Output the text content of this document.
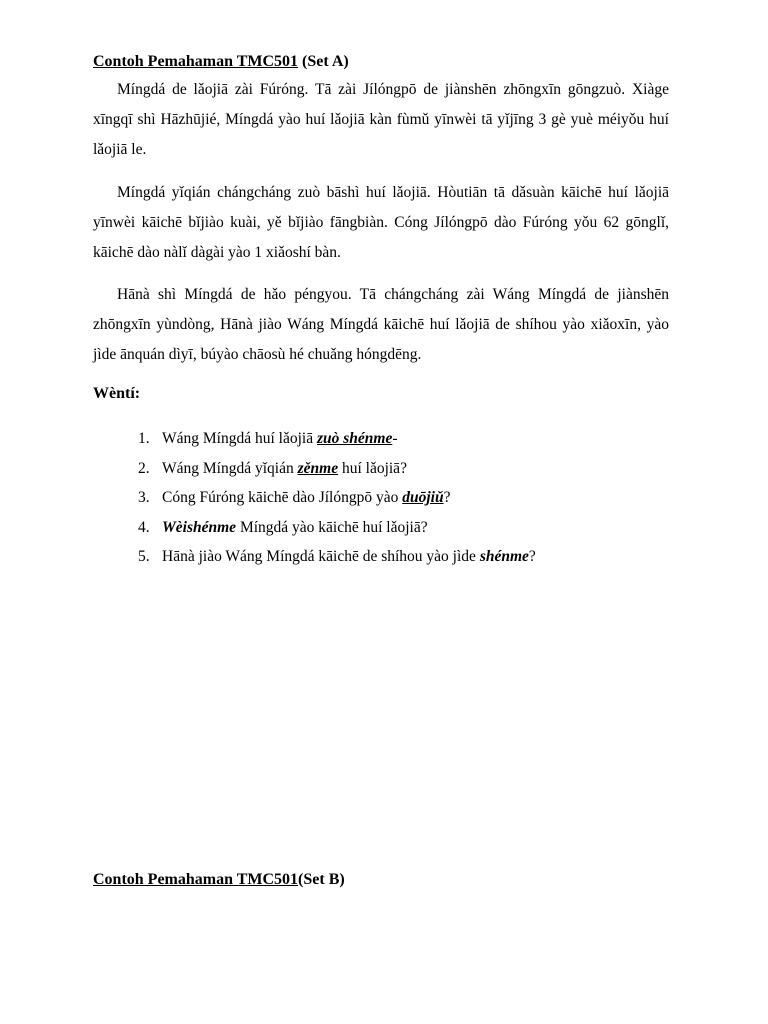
Contoh Pemahaman TMC501 (Set A)

Míngdá de lǎojiā zài Fúróng. Tā zài Jílóngpō de jiànshēn zhōngxīn gōngzuò. Xiàge xīngqī shì Hāzhūjié, Míngdá yào huí lǎojiā kàn fùmǔ yīnwèi tā yǐjīng 3 gè yuè méiyǒu huí lǎojiā le.

Míngdá yǐqián chángcháng zuò bāshì huí lǎojiā. Hòutiān tā dǎsuàn kāichē huí lǎojiā yīnwèi kāichē bǐjiào kuài, yě bǐjiào fāngbiàn. Cóng Jílóngpō dào Fúróng yǒu 62 gōnglǐ, kāichē dào nàlǐ dàgài yào 1 xiǎoshí bàn.

Hānà shì Míngdá de hǎo péngyou. Tā chángcháng zài Wáng Míngdá de jiànshēn zhōngxīn yùndòng, Hānà jiào Wáng Míngdá kāichē huí lǎojiā de shíhou yào xiǎoxīn, yào jìde ānquán dìyī, búyào chāosù hé chuǎng hóngdēng.

Wèntí:
1. Wáng Míngdá huí lǎojiā zuò shénme-
2. Wáng Míngdá yǐqián zěnme huí lǎojiā?
3. Cóng Fúróng kāichē dào Jílóngpō yào duōjiǔ?
4. Wèishénme Míngdá yào kāichē huí lǎojiā?
5. Hānà jiào Wáng Míngdá kāichē de shíhou yào jìde shénme?
Contoh Pemahaman TMC501(Set B)
